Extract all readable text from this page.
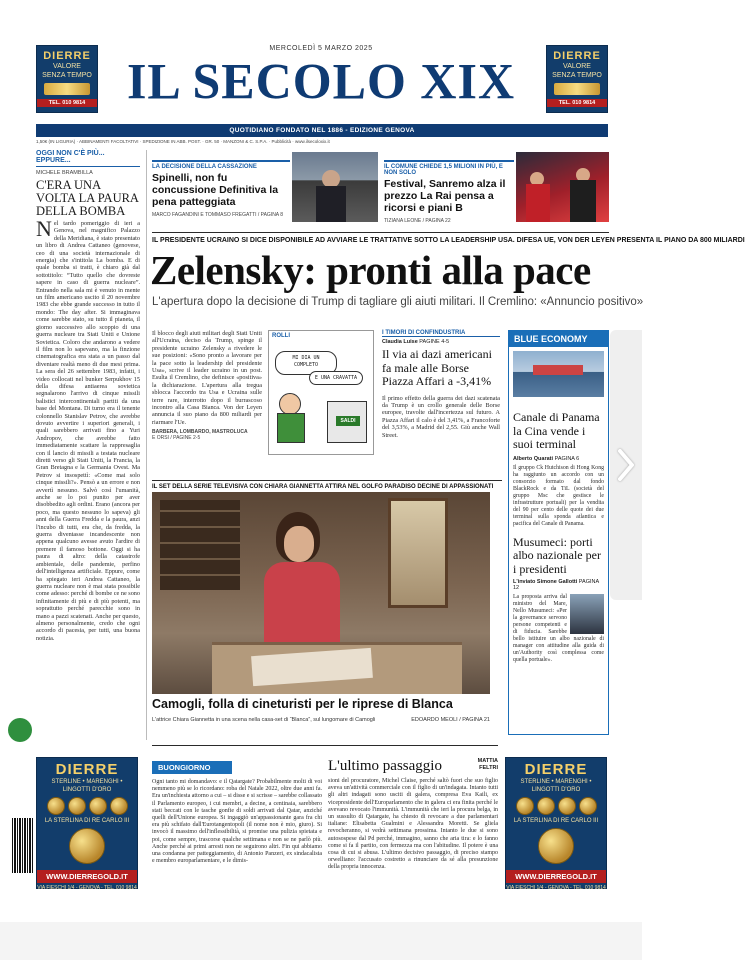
DIERRE
VALORE
SENZA TEMPO
TEL. 010 9814
DIERRE
VALORE
SENZA TEMPO
TEL. 010 9814
MERCOLEDÌ 5 MARZO 2025
IL SECOLO XIX
QUOTIDIANO FONDATO NEL 1886 - EDIZIONE GENOVA
1,50€ (IN LIGURIA) · ABBINAMENTI FACOLTATIVI · SPEDIZIONE IN ABB. POST. · GR. 50 · MANZONI & C. S.P.A. · Pubblicità · www.ilsecoloxix.it
OGGI NON C'È PIÙ... EPPURE...
MICHELE BRAMBILLA
C'ERA UNA VOLTA LA PAURA DELLA BOMBA
Nel tardo pomeriggio di ieri a Genova, nel magnifico Palazzo della Meridiana, è stato presentato un libro di Andrea Cattaneo (genovese, ceo di una società internazionale di energia) che s'intitola La bomba. E di quale bomba si tratti, è chiaro già dal sottotitolo: “Tutto quello che dovreste sapere in caso di guerra nucleare”. Entrando nella sala mi è venuto in mente un film americano uscito il 20 novembre 1983 che ebbe grande successo in tutto il mondo: The day after. Si immaginava come sarebbe stato, su tutto il pianeta, il giorno successivo allo scoppio di una guerra nucleare tra Stati Uniti e Unione Sovietica. Coloro che andarono a vedere il film non lo sapevano, ma la finzione cinematografica era stata a un passo dal diventare realtà meno di due mesi prima. La sera del 26 settembre 1983, infatti, i video collocati nel bunker Serpukhov 15 della difesa antiaerea sovietica segnalarono l'arrivo di cinque missili balistici intercontinentali partiti da una base del Montana. Di turno era il tenente colonnello Stanislav Petrov, che avrebbe dovuto avvertire i superiori generali, i quali sarebbero arrivati fino a Yuri Andropov, che avrebbe fatto immediatamente scattare la rappresaglia con il lancio di missili a testata nucleare diretti verso gli Stati Uniti, la Francia, la Gran Bretagna e la Germania Ovest. Ma Petrov si insospettì: «Come mai solo cinque missili?». Pensò a un errore e non avvertì nessuno. Salvò così l'umanità, anche se lo poi punito per aver disobbedito agli ordini. Erano (ancora per poco, ma questo nessuno lo sapeva) gli anni della Guerra Fredda e la paura, anzi l'incubo di tutti, era che, da fredda, la guerra diventasse incandescente non appena qualcuno avesse avuto l'ardire di premere il famoso bottone. Oggi si ha paura di altro: della catastrofe ambientale, delle pandemie, perfino dell'intelligenza artificiale. Eppure, come ha spiegato ieri Andrea Cattaneo, la guerra nucleare non è mai stata possibile come adesso: perché di bombe ce ne sono infinitamente di più e di più potenti, ma soprattutto perché parecchie sono in mano a pazzi scatenati. Anche per questo, almeno personalmente, credo che ogni accordo di pacesia, per tutti, una buona notizia.
LA DECISIONE DELLA CASSAZIONE
Spinelli, non fu concussione Definitiva la pena patteggiata
MARCO FAGANDINI E TOMMASO FREGATTI / PAGINA 8
IL COMUNE CHIEDE 1,5 MILIONI IN PIÙ, E NON SOLO
Festival, Sanremo alza il prezzo La Rai pensa a ricorsi e piani B
TIZIANA LEONE / PAGINA 22
IL PRESIDENTE UCRAINO SI DICE DISPONIBILE AD AVVIARE LE TRATTATIVE SOTTO LA LEADERSHIP USA. DIFESA UE, VON DER LEYEN PRESENTA IL PIANO DA 800 MILIARDI
Zelensky: pronti alla pace
L'apertura dopo la decisione di Trump di tagliare gli aiuti militari. Il Cremlino: «Annuncio positivo»
Il blocco degli aiuti militari degli Stati Uniti all'Ucraina, deciso da Trump, spinge il presidente ucraino Zelensky a rivedere le sue posizioni: «Sono pronto a lavorare per la pace sotto la leadership del presidente Usa», scrive il leader ucraino in un post. Esulta il Cremlino, che definisce «positiva» la dichiarazione. L'apertura alla tregua sblocca l'accordo tra Usa e Ucraina sulle terre rare, interrotto dopo il burrascoso incontro alla Casa Bianca. Von der Leyen annuncia il suo piano da 800 miliardi per riarmare l'Ue.
BARBERA, LOMBARDO, MASTROLUCA
E ORSI / PAGINE 2-5
ROLLI
MI DIA UN COMPLETO
E UNA CRAVATTA
SALDI
I TIMORI DI CONFINDUSTRIA
Claudia Luise PAGINE 4-5
Il via ai dazi americani fa male alle Borse Piazza Affari a -3,41%
Il primo effetto della guerra dei dazi scatenata da Trump è un crollo generale delle Borse europee, travolte dall'incertezza sul futuro. A Piazza Affari il calo è del 3,41%, a Francoforte del 3,53%, a Madrid del 2,55. Giù anche Wall Street.
BLUE ECONOMY
Canale di Panama la Cina vende i suoi terminal
Alberto Quarati PAGINA 6
Il gruppo Ck Hutchison di Hong Kong ha raggiunto un accordo con un consorzio formato dal fondo BlackRock e da TiL (società del gruppo Msc che gestisce le infrastrutture portuali) per la vendita del 90 per cento delle quote dei due terminal sulla sponda atlantica e pacifica del Canale di Panama.
Musumeci: porti albo nazionale per i presidenti
L'inviato Simone Gallotti PAGINA 12
La proposta arriva dal ministro del Mare, Nello Musumeci: «Per la governance servono persone competenti e di fiducia. Sarebbe bello istituire un albo nazionale di manager con attitudine alla guida di un'Authority così complessa come quella portuale».
IL SET DELLA SERIE TELEVISIVA CON CHIARA GIANNETTA ATTIRA NEL GOLFO PARADISO DECINE DI APPASSIONATI
Camogli, folla di cineturisti per le riprese di Blanca
L'attrice Chiara Giannetta in una scena nella casa-set di “Blanca”, sul lungomare di Camogli	EDOARDO MEOLI / PAGINA 21
BUONGIORNO
Ogni tanto mi domandavo: e il Qatargate? Probabilmente molti di voi nemmeno più se lo ricordano: roba del Natale 2022, oltre due anni fa. Era un'inchiesta attorno a cui – si disse e si scrisse – sarebbe collassato il Parlamento europeo, i cui membri, a decine, a centinaia, sarebbero stati beccati con le tasche gonfie di soldi arrivati dal Qatar, anziché quelli dell'Unione europea. Si ingaggiò un'appassionante gara fra chi era più schifato dall'Eurotangentopoli (il nome non è mio, giuro). Si invocò il massimo dell'inflessibilità, si promise una pulizia spietata e poi, come sempre, trascorse qualche settimana e non se ne parlò più. Anche perché ai primi arresti non ne seguirono altri. Fin qui abbiamo una condanna per patteggiamento, di Antonio Panzeri, ex sindacalista e membro europarlamentare, e le dimis-
L'ultimo passaggio	MATTIA
FELTRI
sioni del procuratore, Michel Claise, perché saltò fuori che suo figlio aveva un'attività commerciale con il figlio di un'indagata. Intanto tutti gli altri indagati sono usciti di galera, compresa Eva Kaili, ex vicepresidente dell'Europarlamento che in galera ci era finita perché le avevano revocato l'immunità. L'immunità che ieri la procura belga, in un sussulto di Qatargate, ha chiesto di revocare a due parlamentari italiane: Elisabetta Gualmini e Alessandra Moretti. Se gliela revocheranno, si vedrà settimana prossima. Intanto le due si sono autosospese dal Pd perché, immagino, sanno che aria tira: e lo fanno come si fa il partito, con fermezza ma con l'abitudine. Il potere è una cosa di cui si abusa. L'ultimo decisivo passaggio, di preciso stampo orwelliano: l'accusato costretto a rinunciare da sé alla presunzione della propria innocenza.
DIERRE
STERLINE • MARENGHI • LINGOTTI D'ORO
LA STERLINA DI RE CARLO III
WWW.DIERREGOLD.IT
VIA FIESCHI 1/4 - GENOVA - TEL. 010 9814
DIERRE
STERLINE • MARENGHI • LINGOTTI D'ORO
LA STERLINA DI RE CARLO III
WWW.DIERREGOLD.IT
VIA FIESCHI 1/4 - GENOVA - TEL. 010 9814
